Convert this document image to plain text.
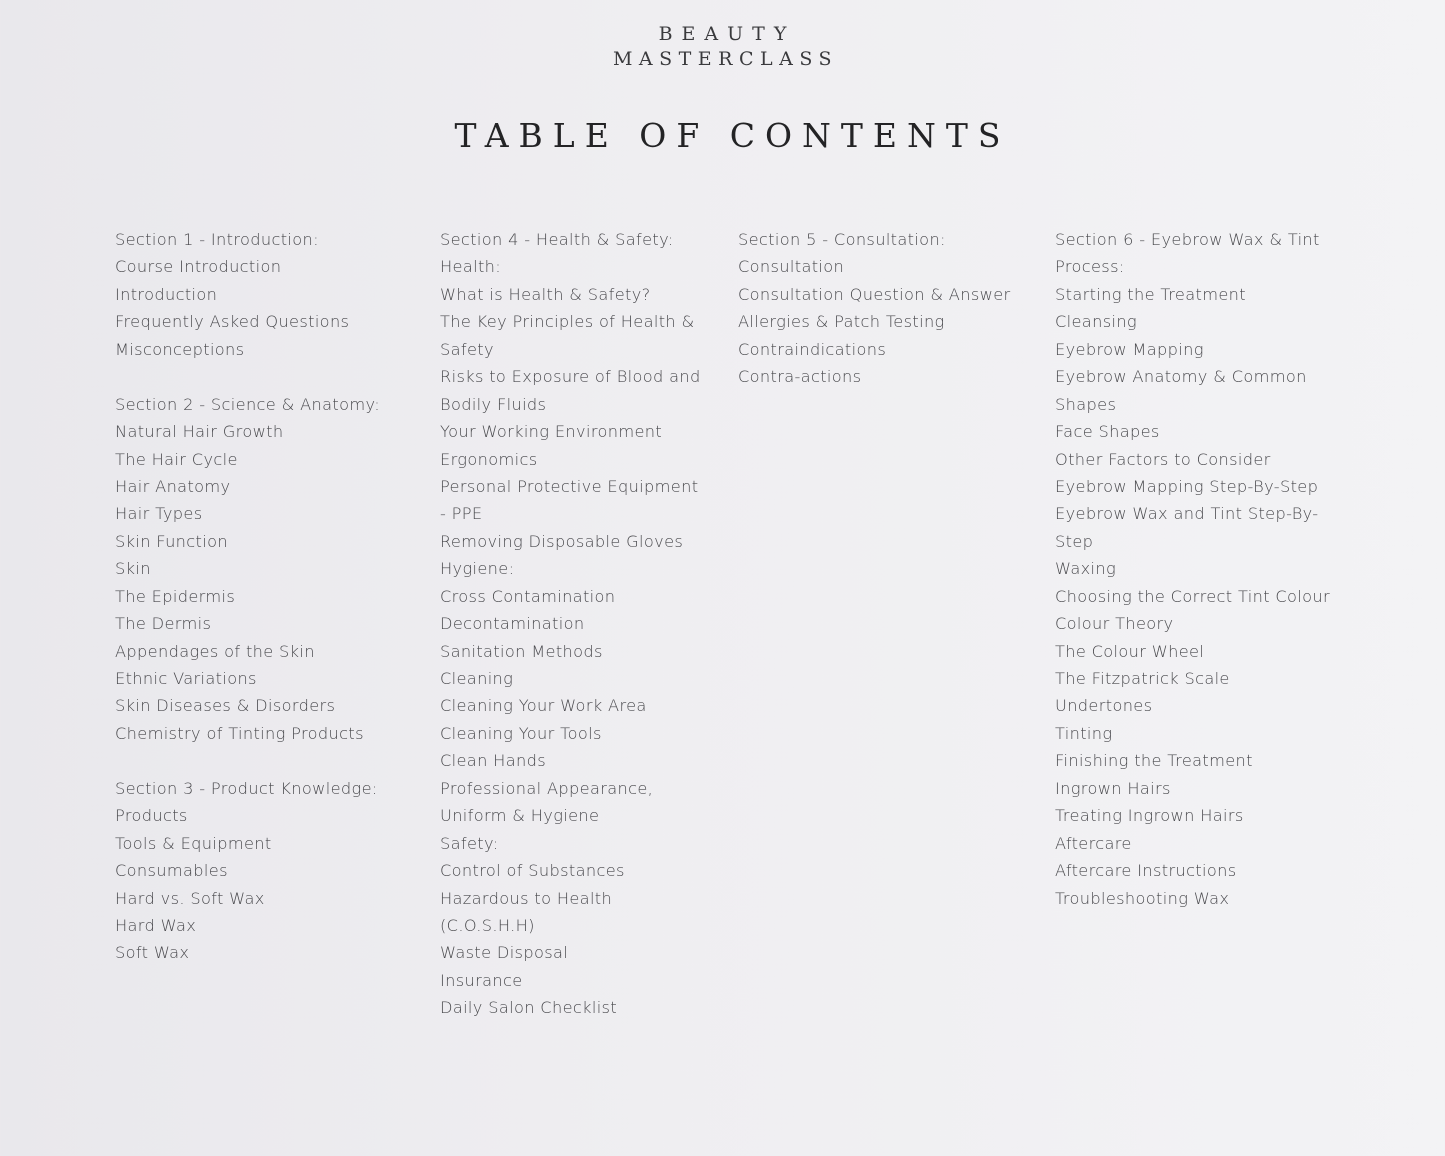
BEAUTY
MASTERCLASS
TABLE OF CONTENTS
Section 1 - Introduction:
Course Introduction
Introduction
Frequently Asked Questions
Misconceptions
Section 2 - Science & Anatomy:
Natural Hair Growth
The Hair Cycle
Hair Anatomy
Hair Types
Skin Function
Skin
The Epidermis
The Dermis
Appendages of the Skin
Ethnic Variations
Skin Diseases & Disorders
Chemistry of Tinting Products
Section 3 - Product Knowledge:
Products
Tools & Equipment
Consumables
Hard vs. Soft Wax
Hard Wax
Soft Wax
Section 4 - Health & Safety:
Health:
What is Health & Safety?
The Key Principles of Health &
Safety
Risks to Exposure of Blood and
Bodily Fluids
Your Working Environment
Ergonomics
Personal Protective Equipment
- PPE
Removing Disposable Gloves
Hygiene:
Cross Contamination
Decontamination
Sanitation Methods
Cleaning
Cleaning Your Work Area
Cleaning Your Tools
Clean Hands
Professional Appearance,
Uniform & Hygiene
Safety:
Control of Substances
Hazardous to Health
(C.O.S.H.H)
Waste Disposal
Insurance
Daily Salon Checklist
Section 5 - Consultation:
Consultation
Consultation Question & Answer
Allergies & Patch Testing
Contraindications
Contra-actions
Section 6 - Eyebrow Wax & Tint
Process:
Starting the Treatment
Cleansing
Eyebrow Mapping
Eyebrow Anatomy & Common
Shapes
Face Shapes
Other Factors to Consider
Eyebrow Mapping Step-By-Step
Eyebrow Wax and Tint Step-By-
Step
Waxing
Choosing the Correct Tint Colour
Colour Theory
The Colour Wheel
The Fitzpatrick Scale
Undertones
Tinting
Finishing the Treatment
Ingrown Hairs
Treating Ingrown Hairs
Aftercare
Aftercare Instructions
Troubleshooting Wax
